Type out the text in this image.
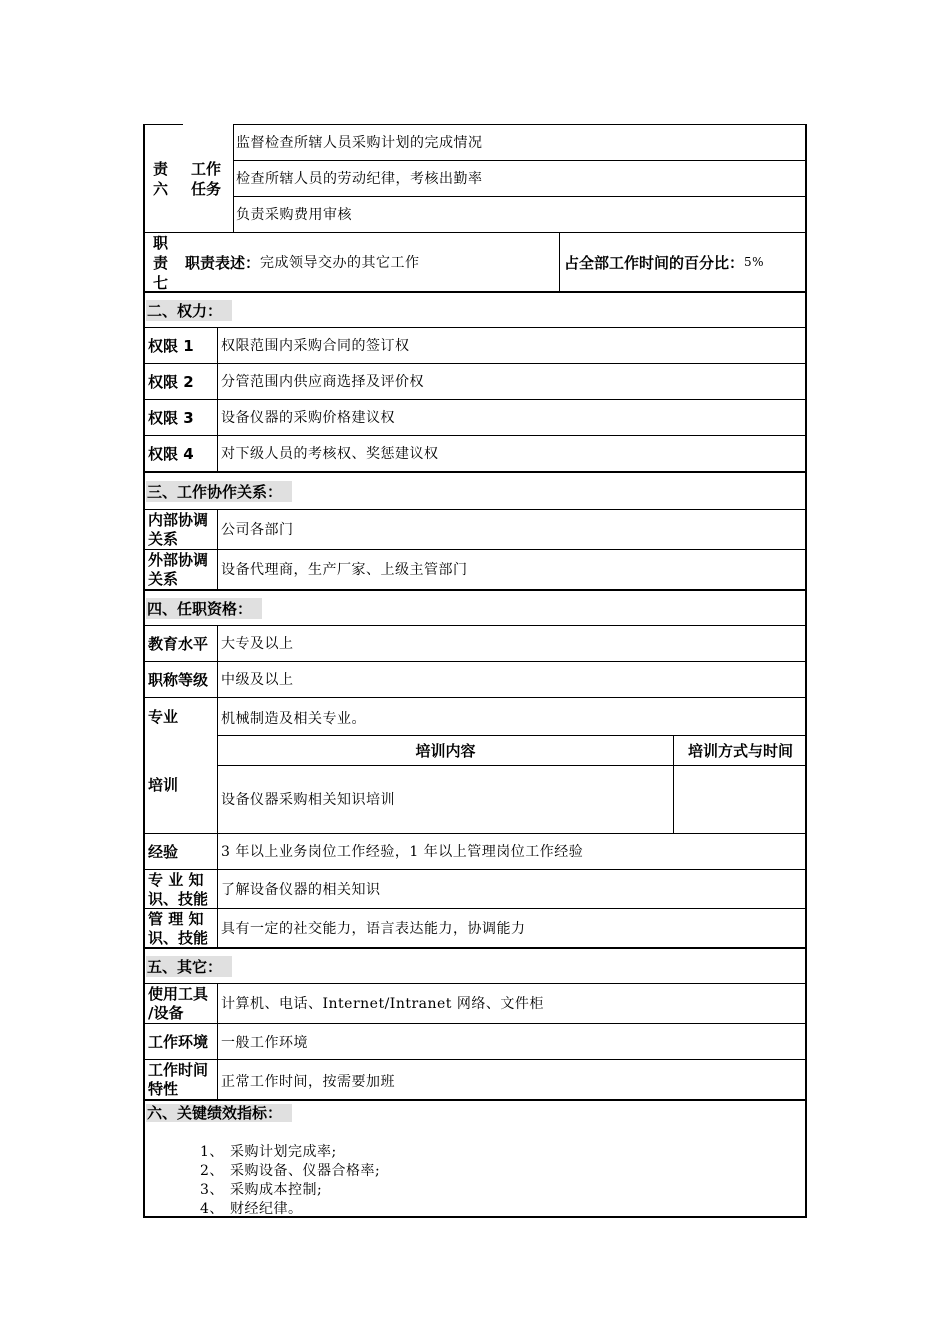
责
六
工作
任务
监督检查所辖人员采购计划的完成情况
检查所辖人员的劳动纪律，考核出勤率
负责采购费用审核
职
责
七
职责表述： 完成领导交办的其它工作	占全部工作时间的百分比： 5%
二、权力：
权限 1 权限范围内采购合同的签订权
权限 2 分管范围内供应商选择及评价权
权限 3 设备仪器的采购价格建议权
权限 4 对下级人员的考核权、奖惩建议权
三、工作协作关系：
内部协调
关系	公司各部门
外部协调
关系	设备代理商，生产厂家、上级主管部门
四、任职资格：
教育水平 大专及以上
职称等级 中级及以上
专业	机械制造及相关专业。
培训
培训内容	培训方式与时间
设备仪器采购相关知识培训
经验	3 年以上业务岗位工作经验，1 年以上管理岗位工作经验
专 业 知
识、技能 了解设备仪器的相关知识
管 理 知
识、技能
具有一定的社交能力，语言表达能力，协调能力
五、其它：
使用工具
/设备	计算机、电话、Internet/Intranet 网络、文件柜
工作环境 一般工作环境
工作时间
特性	正常工作时间，按需要加班
六、关键绩效指标：
1、 采购计划完成率;
2、 采购设备、仪器合格率;
3、 采购成本控制;
4、 财经纪律。
